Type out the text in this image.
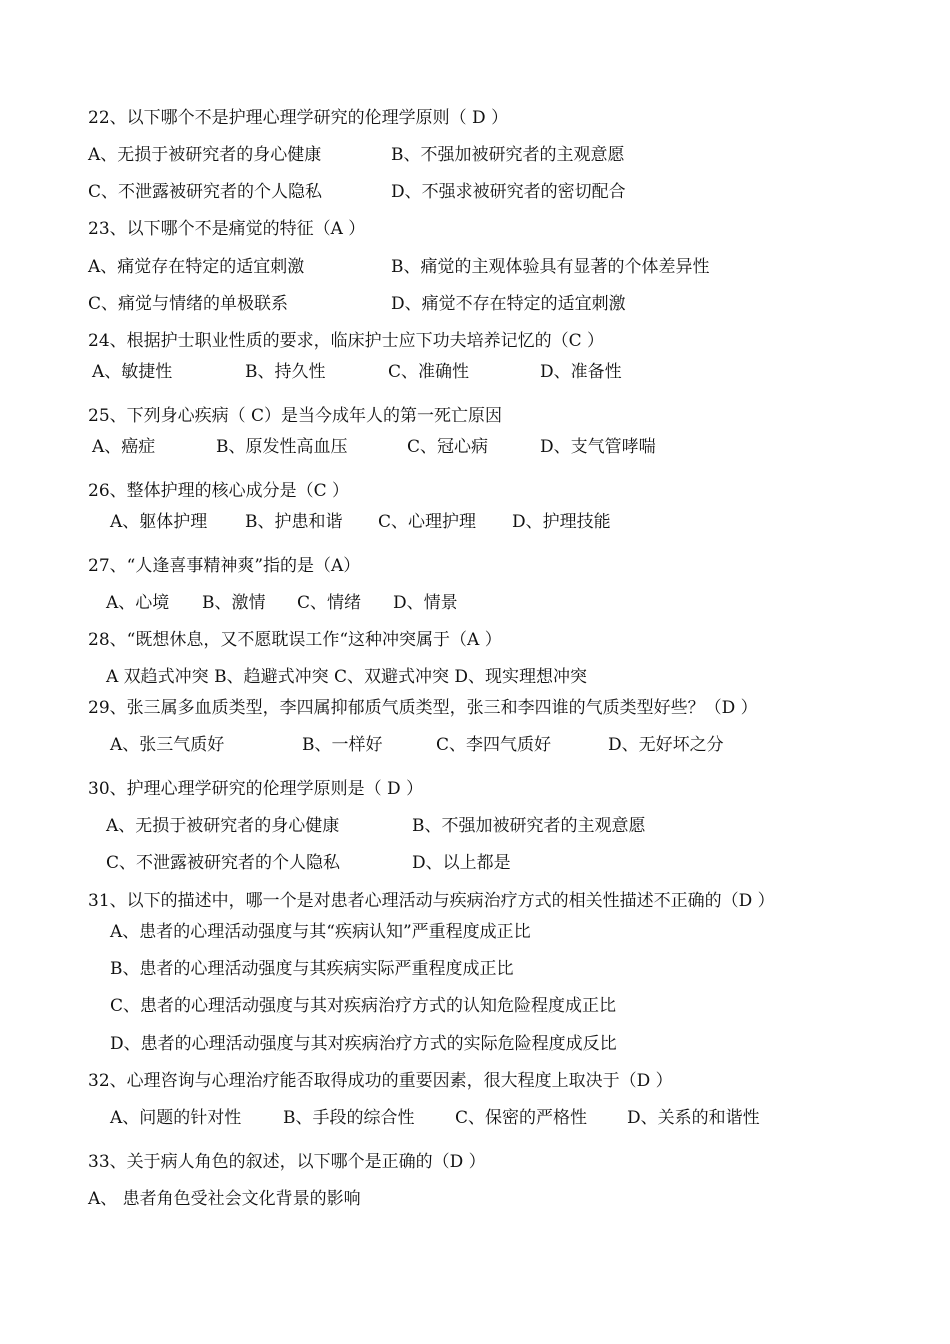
22、以下哪个不是护理心理学研究的伦理学原则（ D ）
A、无损于被研究者的身心健康	B、不强加被研究者的主观意愿
C、不泄露被研究者的个人隐私	D、不强求被研究者的密切配合
23、以下哪个不是痛觉的特征（A ）
A、痛觉存在特定的适宜刺激	B、痛觉的主观体验具有显著的个体差异性
C、痛觉与情绪的单极联系	D、痛觉不存在特定的适宜刺激
24、根据护士职业性质的要求，临床护士应下功夫培养记忆的（C ）
A、敏捷性	B、持久性	C、准确性	D、准备性
25、下列身心疾病（ C）是当今成年人的第一死亡原因
A、癌症	B、原发性高血压	C、冠心病	D、支气管哮喘
26、整体护理的核心成分是（C ）
A、躯体护理 B、护患和谐 C、心理护理 D、护理技能
27、“人逢喜事精神爽”指的是（A）
A、心境 B、激情 C、情绪 D、情景
28、“既想休息，又不愿耽误工作“这种冲突属于（A ）
A 双趋式冲突 B、趋避式冲突 C、双避式冲突 D、现实理想冲突
29、张三属多血质类型，李四属抑郁质气质类型，张三和李四谁的气质类型好些？（D ）
A、张三气质好	B、一样好	C、李四气质好	D、无好坏之分
30、护理心理学研究的伦理学原则是（ D ）
A、无损于被研究者的身心健康	B、不强加被研究者的主观意愿
C、不泄露被研究者的个人隐私	D、以上都是
31、以下的描述中，哪一个是对患者心理活动与疾病治疗方式的相关性描述不正确的（D ）
A、患者的心理活动强度与其“疾病认知”严重程度成正比
B、患者的心理活动强度与其疾病实际严重程度成正比
C、患者的心理活动强度与其对疾病治疗方式的认知危险程度成正比
D、患者的心理活动强度与其对疾病治疗方式的实际危险程度成反比
32、心理咨询与心理治疗能否取得成功的重要因素，很大程度上取决于（D ）
A、问题的针对性 B、手段的综合性 C、保密的严格性 D、关系的和谐性
33、关于病人角色的叙述，以下哪个是正确的（D ）
A、 患者角色受社会文化背景的影响
